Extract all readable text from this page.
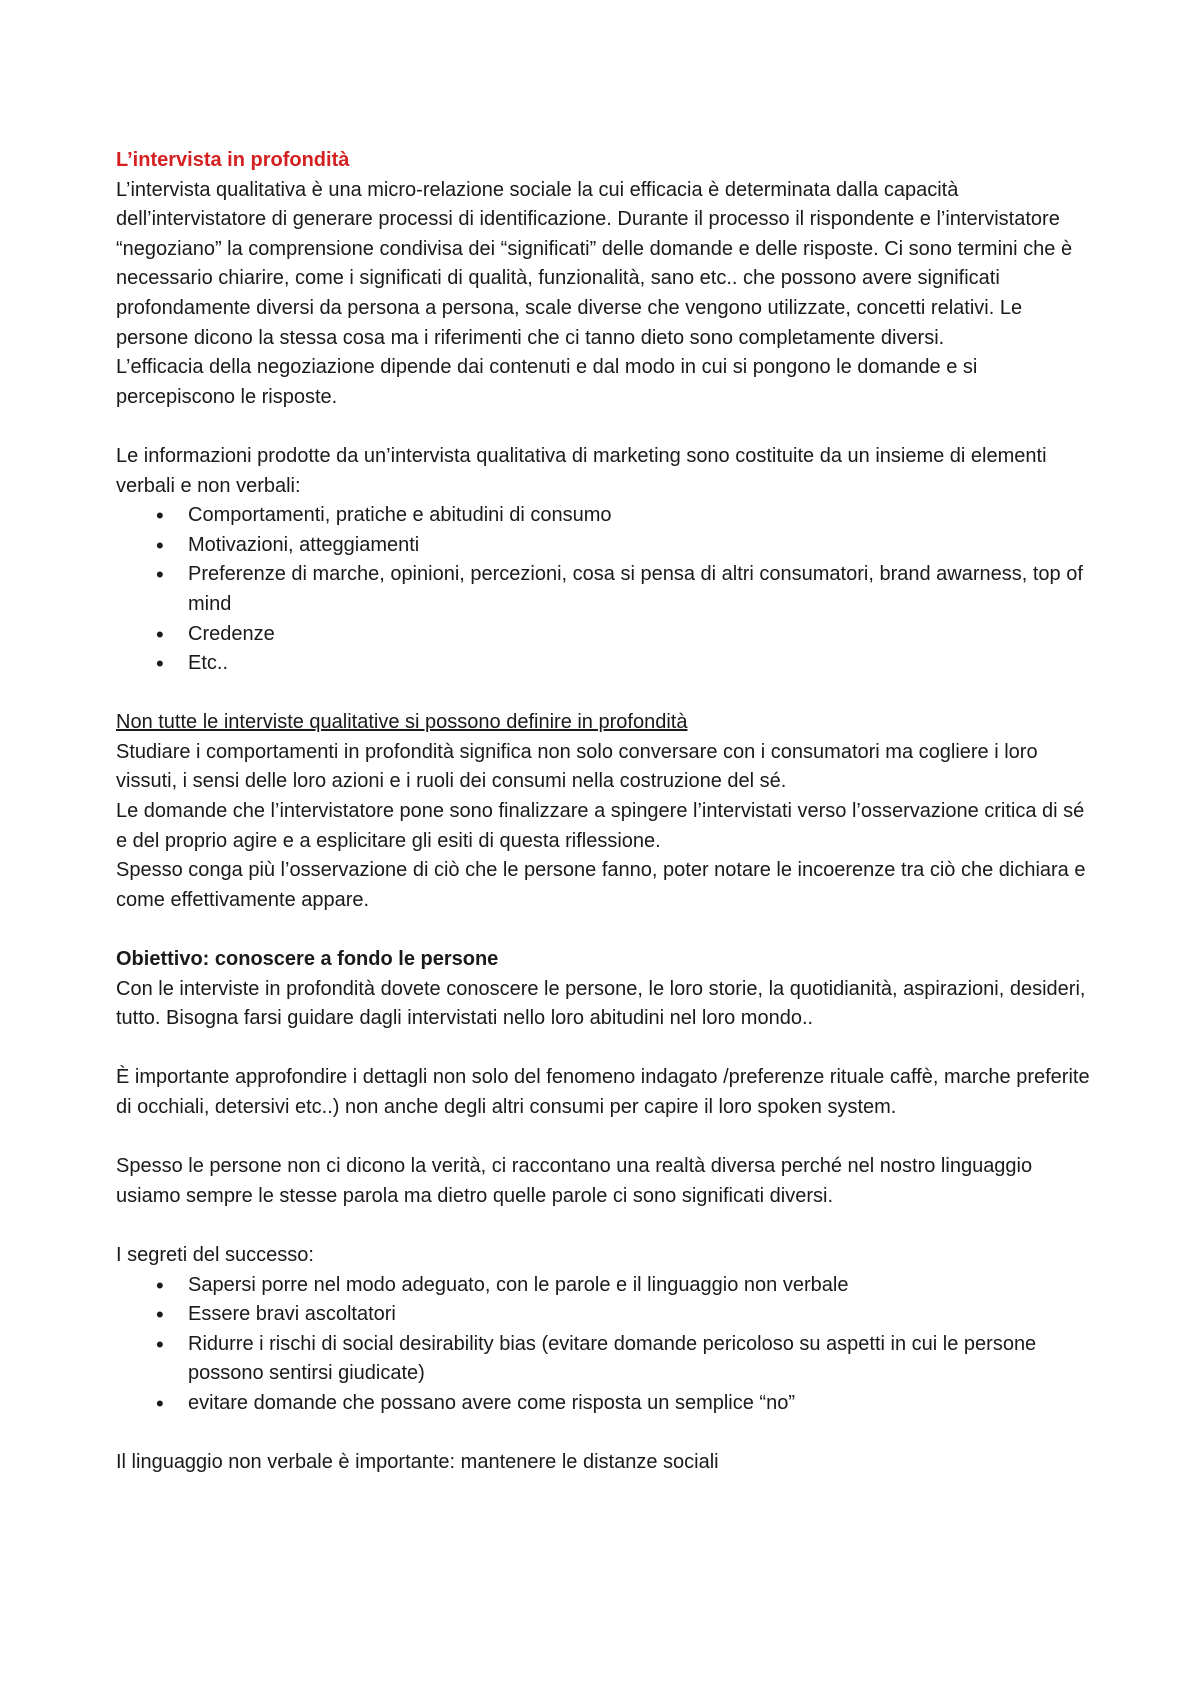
L’intervista in profondità

L’intervista qualitativa è una micro-relazione sociale la cui efficacia è determinata dalla capacità dell’intervistatore di generare processi di identificazione. Durante il processo il rispondente e l’intervistatore “negoziano” la comprensione condivisa dei “significati” delle domande e delle risposte. Ci sono termini che è necessario chiarire, come i significati di qualità, funzionalità, sano etc.. che possono avere significati profondamente diversi da persona a persona, scale diverse che vengono utilizzate, concetti relativi. Le persone dicono la stessa cosa ma i riferimenti che ci tanno dieto sono completamente diversi.

L’efficacia della negoziazione dipende dai contenuti e dal modo in cui si pongono le domande e si percepiscono le risposte.

Le informazioni prodotte da un’intervista qualitativa di marketing sono costituite da un insieme di elementi verbali e non verbali:

• Comportamenti, pratiche e abitudini di consumo
• Motivazioni, atteggiamenti
• Preferenze di marche, opinioni, percezioni, cosa si pensa di altri consumatori, brand awarness, top of mind
• Credenze
• Etc..

Non tutte le interviste qualitative si possono definire in profondità

Studiare i comportamenti in profondità significa non solo conversare con i consumatori ma cogliere i loro vissuti, i sensi delle loro azioni e i ruoli dei consumi nella costruzione del sé.

Le domande che l’intervistatore pone sono finalizzare a spingere l’intervistati verso l’osservazione critica di sé e del proprio agire e a esplicitare gli esiti di questa riflessione.

Spesso conga più l’osservazione di ciò che le persone fanno, poter notare le incoerenze tra ciò che dichiara e come effettivamente appare.

Obiettivo: conoscere a fondo le persone

Con le interviste in profondità dovete conoscere le persone, le loro storie, la quotidianità, aspirazioni, desideri, tutto. Bisogna farsi guidare dagli intervistati nello loro abitudini nel loro mondo..

È importante approfondire i dettagli non solo del fenomeno indagato /preferenze rituale caffè, marche preferite di occhiali, detersivi etc..) non anche degli altri consumi per capire il loro spoken system.

Spesso le persone non ci dicono la verità, ci raccontano una realtà diversa perché nel nostro linguaggio usiamo sempre le stesse parola ma dietro quelle parole ci sono significati diversi.

I segreti del successo:

• Sapersi porre nel modo adeguato, con le parole e il linguaggio non verbale
• Essere bravi ascoltatori
• Ridurre i rischi di social desirability bias (evitare domande pericoloso su aspetti in cui le persone possono sentirsi giudicate)
• evitare domande che possano avere come risposta un semplice “no”

Il linguaggio non verbale è importante: mantenere le distanze sociali
